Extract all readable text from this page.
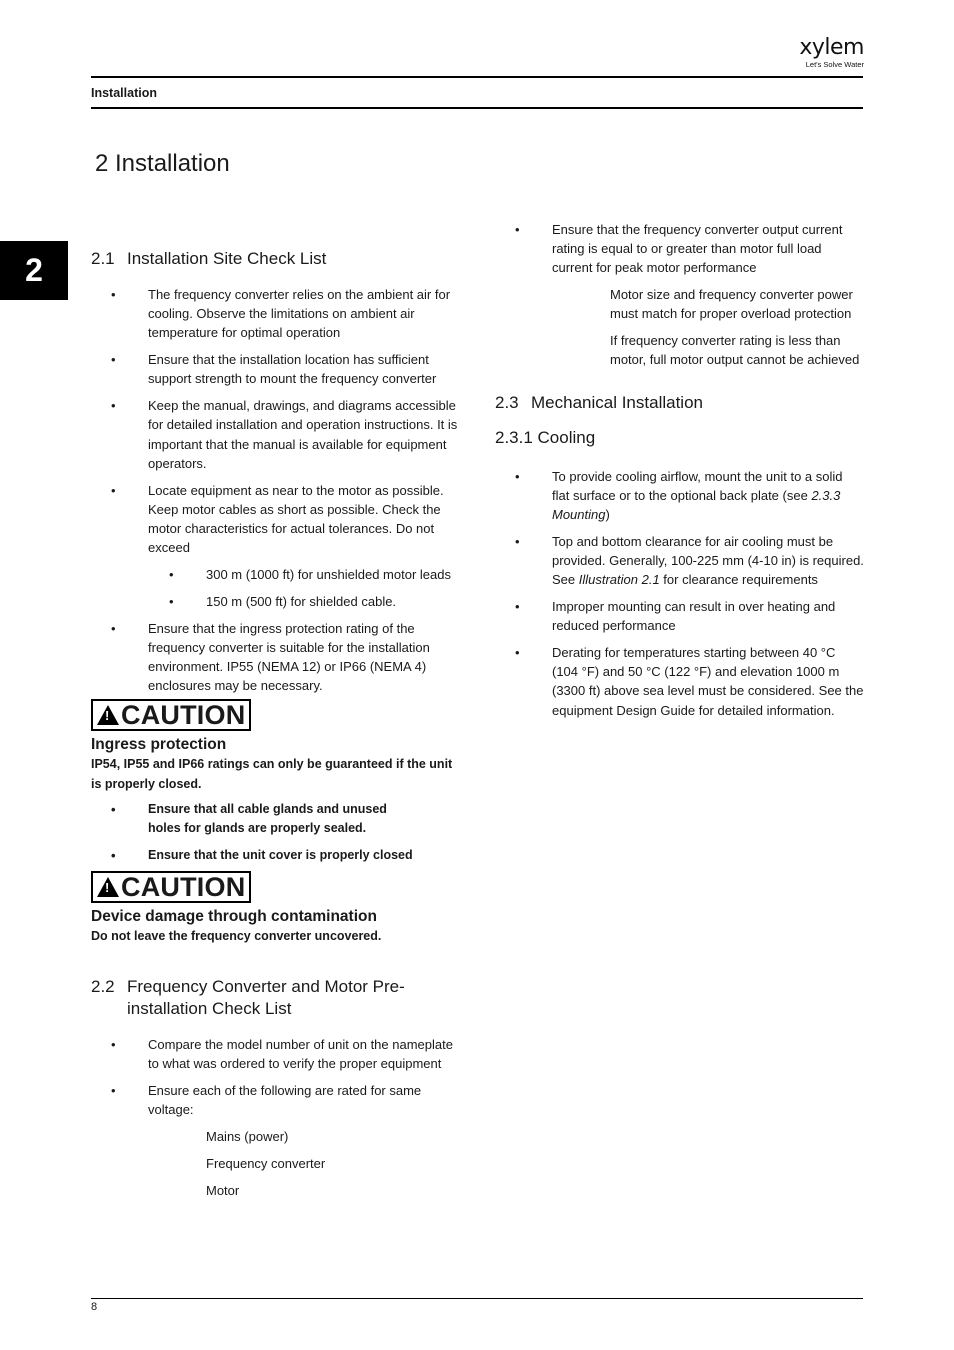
xylem
Let's Solve Water
Installation
2 Installation
2	2.1 Installation Site Check List
• The frequency converter relies on the ambient air for cooling. Observe the limitations on ambient air temperature for optimal operation
• Ensure that the installation location has sufficient support strength to mount the frequency converter
• Keep the manual, drawings, and diagrams accessible for detailed installation and operation instructions. It is important that the manual is available for equipment operators.
• Locate equipment as near to the motor as possible. Keep motor cables as short as possible. Check the motor characteristics for actual tolerances. Do not exceed
• 300 m (1000 ft) for unshielded motor leads
• 150 m (500 ft) for shielded cable.
• Ensure that the ingress protection rating of the frequency converter is suitable for the installation environment. IP55 (NEMA 12) or IP66 (NEMA 4) enclosures may be necessary.
! CAUTION
Ingress protection
IP54, IP55 and IP66 ratings can only be guaranteed if the unit is properly closed.
• Ensure that all cable glands and unused holes for glands are properly sealed.
• Ensure that the unit cover is properly closed
! CAUTION
Device damage through contamination
Do not leave the frequency converter uncovered.
2.2 Frequency Converter and Motor Pre-installation Check List
• Compare the model number of unit on the nameplate to what was ordered to verify the proper equipment
• Ensure each of the following are rated for same voltage:
Mains (power)
Frequency converter
Motor
• Ensure that the frequency converter output current rating is equal to or greater than motor full load current for peak motor performance
Motor size and frequency converter power must match for proper overload protection
If frequency converter rating is less than motor, full motor output cannot be achieved
2.3 Mechanical Installation
2.3.1 Cooling
• To provide cooling airflow, mount the unit to a solid flat surface or to the optional back plate (see 2.3.3 Mounting)
• Top and bottom clearance for air cooling must be provided. Generally, 100-225 mm (4-10 in) is required. See Illustration 2.1 for clearance requirements
• Improper mounting can result in over heating and reduced performance
• Derating for temperatures starting between 40 °C (104 °F) and 50 °C (122 °F) and elevation 1000 m (3300 ft) above sea level must be considered. See the equipment Design Guide for detailed information.
8
